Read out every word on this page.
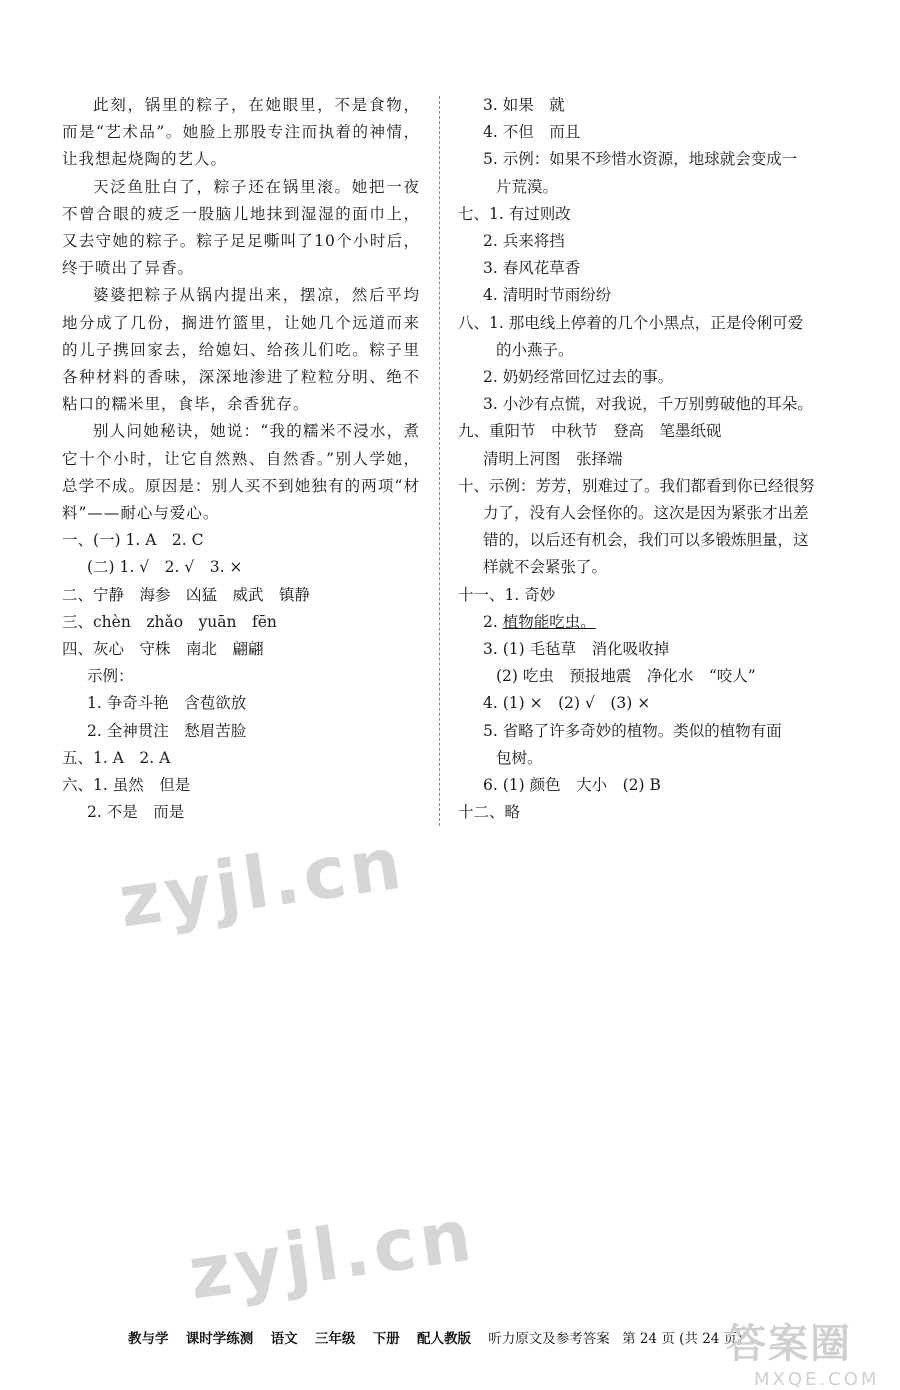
此刻，锅里的粽子，在她眼里，不是食物，而是“艺术品”。她脸上那股专注而执着的神情，让我想起烧陶的艺人。
天泛鱼肚白了，粽子还在锅里滚。她把一夜不曾合眼的疲乏一股脑儿地抹到湿湿的面巾上，又去守她的粽子。粽子足足嘶叫了10个小时后，终于喷出了异香。
婆婆把粽子从锅内提出来，摆凉，然后平均地分成了几份，搁进竹篮里，让她几个远道而来的儿子携回家去，给媳妇、给孩儿们吃。粽子里各种材料的香味，深深地渗进了粒粒分明、绝不粘口的糯米里，食毕，余香犹存。
别人问她秘诀，她说：“我的糯米不浸水，煮它十个小时，让它自然熟、自然香。”别人学她，总学不成。原因是：别人买不到她独有的两项“材料”——耐心与爱心。
一、(一) 1. A　2. C
(二) 1. √　2. √　3. ×
二、宁静　海参　凶猛　威武　镇静
三、chèn　zhǎo　yuān　fēn
四、灰心　守株　南北　翩翩
示例：
1. 争奇斗艳　含苞欲放
2. 全神贯注　愁眉苦脸
五、1. A　2. A
六、1. 虽然　但是
2. 不是　而是
3. 如果　就
4. 不但　而且
5. 示例：如果不珍惜水资源，地球就会变成一
片荒漠。
七、1. 有过则改
2. 兵来将挡
3. 春风花草香
4. 清明时节雨纷纷
八、1. 那电线上停着的几个小黑点，正是伶俐可爱
的小燕子。
2. 奶奶经常回忆过去的事。
3. 小沙有点慌，对我说，千万别剪破他的耳朵。
九、重阳节　中秋节　登高　笔墨纸砚
清明上河图　张择端
十、示例：芳芳，别难过了。我们都看到你已经很努
力了，没有人会怪你的。这次是因为紧张才出差
错的，以后还有机会，我们可以多锻炼胆量，这
样就不会紧张了。
十一、1. 奇妙
2. 植物能吃虫。
3. (1) 毛毡草　消化吸收掉
(2) 吃虫　预报地震　净化水　“咬人”
4. (1) ×　(2) √　(3) ×
5. 省略了许多奇妙的植物。类似的植物有面
包树。
6. (1) 颜色　大小　(2) B
十二、略
zyjl.cn
zyjl.cn
教与学 课时学练测 语文 三年级 下册 配人教版 听力原文及参考答案 第 24 页 (共 24 页)
答案圈
MXQE.COM
